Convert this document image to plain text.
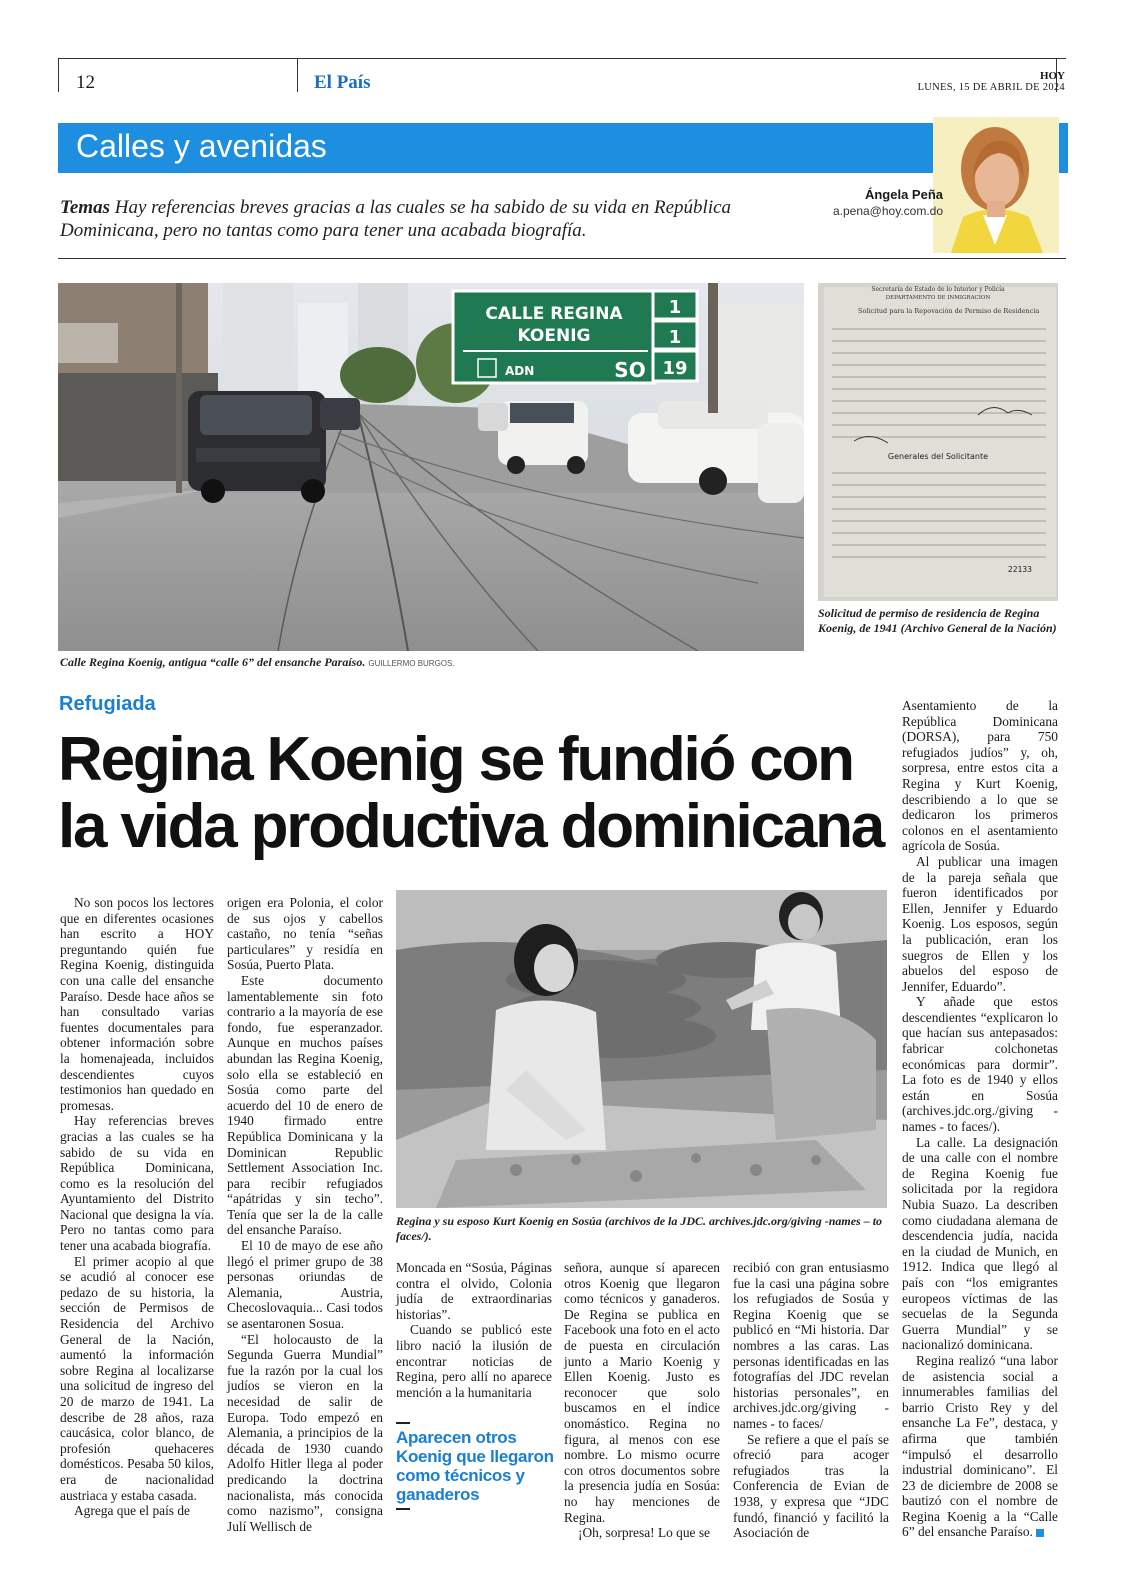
12	El País	HOY
LUNES, 15 DE ABRIL DE 2024
Calles y avenidas
Ángela Peña
a.pena@hoy.com.do
Temas Hay referencias breves gracias a las cuales se ha sabido de su vida en República Dominicana, pero no tantas como para tener una acabada biografía.
CALLE REGINA
KOENIG
ADN	SO
1
1
19
Calle Regina Koenig, antigua “calle 6” del ensanche Paraíso. GUILLERMO BURGOS.
Secretaría de Estado de lo Interior y Policía
DEPARTAMENTO DE INMIGRACION
Solicitud para la Repovación de Permiso de Residencia
Generales del Solicitante
22133
Solicitud de permiso de residencia de Regina Koenig, de 1941 (Archivo General de la Nación)
Refugiada
Regina Koenig se fundió con la vida productiva dominicana
Regina y su esposo Kurt Koenig en Sosúa (archivos de la JDC. archives.jdc.org/giving -names – to faces/).

No son pocos los lectores que en diferentes ocasiones han escrito a HOY preguntando quién fue Regina Koenig, distinguida con una calle del ensanche Paraíso. Desde hace años se han consultado varias fuentes documentales para obtener información sobre la homenajeada, incluidos descendientes cuyos testimonios han quedado en promesas.

Hay referencias breves gracias a las cuales se ha sabido de su vida en República Dominicana, como es la resolución del Ayuntamiento del Distrito Nacional que designa la vía. Pero no tantas como para tener una acabada biografía.

El primer acopio al que se acudió al conocer ese pedazo de su historia, la sección de Permisos de Residencia del Archivo General de la Nación, aumentó la información sobre Regina al localizarse una solicitud de ingreso del 20 de marzo de 1941. La describe de 28 años, raza caucásica, color blanco, de profesión quehaceres domésticos. Pesaba 50 kilos, era de nacionalidad austriaca y estaba casada.

Agrega que el país de

origen era Polonia, el color de sus ojos y cabellos castaño, no tenía “señas particulares” y residía en Sosúa, Puerto Plata.

Este documento lamentablemente sin foto contrario a la mayoría de ese fondo, fue esperanzador. Aunque en muchos países abundan las Regina Koenig, solo ella se estableció en Sosúa como parte del acuerdo del 10 de enero de 1940 firmado entre República Dominicana y la Dominican Republic Settlement Association Inc. para recibir refugiados “apátridas y sin techo”. Tenía que ser la de la calle del ensanche Paraíso.

El 10 de mayo de ese año llegó el primer grupo de 38 personas oriundas de Alemania, Austria, Checoslovaquia... Casi todos se asentaronen Sosua.

“El holocausto de la Segunda Guerra Mundial” fue la razón por la cual los judíos se vieron en la necesidad de salir de Europa. Todo empezó en Alemania, a principios de la década de 1930 cuando Adolfo Hitler llega al poder predicando la doctrina nacionalista, más conocida como nazismo”, consigna Julí Wellisch de

Moncada en “Sosúa, Páginas contra el olvido, Colonia judía de extraordinarias historias”.

Cuando se publicó este libro nació la ilusión de encontrar noticias de Regina, pero allí no aparece mención a la humanitaria

Aparecen otros Koenig que llegaron como técnicos y ganaderos

señora, aunque sí aparecen otros Koenig que llegaron como técnicos y ganaderos. De Regina se publica en Facebook una foto en el acto de puesta en circulación junto a Mario Koenig y Ellen Koenig. Justo es reconocer que solo buscamos en el índice onomástico. Regina no figura, al menos con ese nombre. Lo mismo ocurre con otros documentos sobre la presencia judía en Sosúa: no hay menciones de Regina.

¡Oh, sorpresa! Lo que se

recibió con gran entusiasmo fue la casi una página sobre los refugiados de Sosúa y Regina Koenig que se publicó en “Mi historia. Dar nombres a las caras. Las personas identificadas en las fotografías del JDC revelan historias personales”, en archives.jdc.org/giving - names - to faces/

Se refiere a que el país se ofreció para acoger refugiados tras la Conferencia de Evian de 1938, y expresa que “JDC fundó, financió y facilitó la Asociación de

Asentamiento de la República Dominicana (DORSA), para 750 refugiados judíos” y, oh, sorpresa, entre estos cita a Regina y Kurt Koenig, describiendo a lo que se dedicaron los primeros colonos en el asentamiento agrícola de Sosúa.

Al publicar una imagen de la pareja señala que fueron identificados por Ellen, Jennifer y Eduardo Koenig. Los esposos, según la publicación, eran los suegros de Ellen y los abuelos del esposo de Jennifer, Eduardo”.

Y añade que estos descendientes “explicaron lo que hacían sus antepasados: fabricar colchonetas económicas para dormir”. La foto es de 1940 y ellos están en Sosúa (archives.jdc.org./giving - names - to faces/).

La calle. La designación de una calle con el nombre de Regina Koenig fue solicitada por la regidora Nubia Suazo. La describen como ciudadana alemana de descendencia judía, nacida en la ciudad de Munich, en 1912. Indica que llegó al país con “los emigrantes europeos víctimas de las secuelas de la Segunda Guerra Mundial” y se nacionalizó dominicana.

Regina realizó “una labor de asistencia social a innumerables familias del barrio Cristo Rey y del ensanche La Fe”, destaca, y afirma que también “impulsó el desarrollo industrial dominicano”. El 23 de diciembre de 2008 se bautizó con el nombre de Regina Koenig a la “Calle 6” del ensanche Paraíso.
